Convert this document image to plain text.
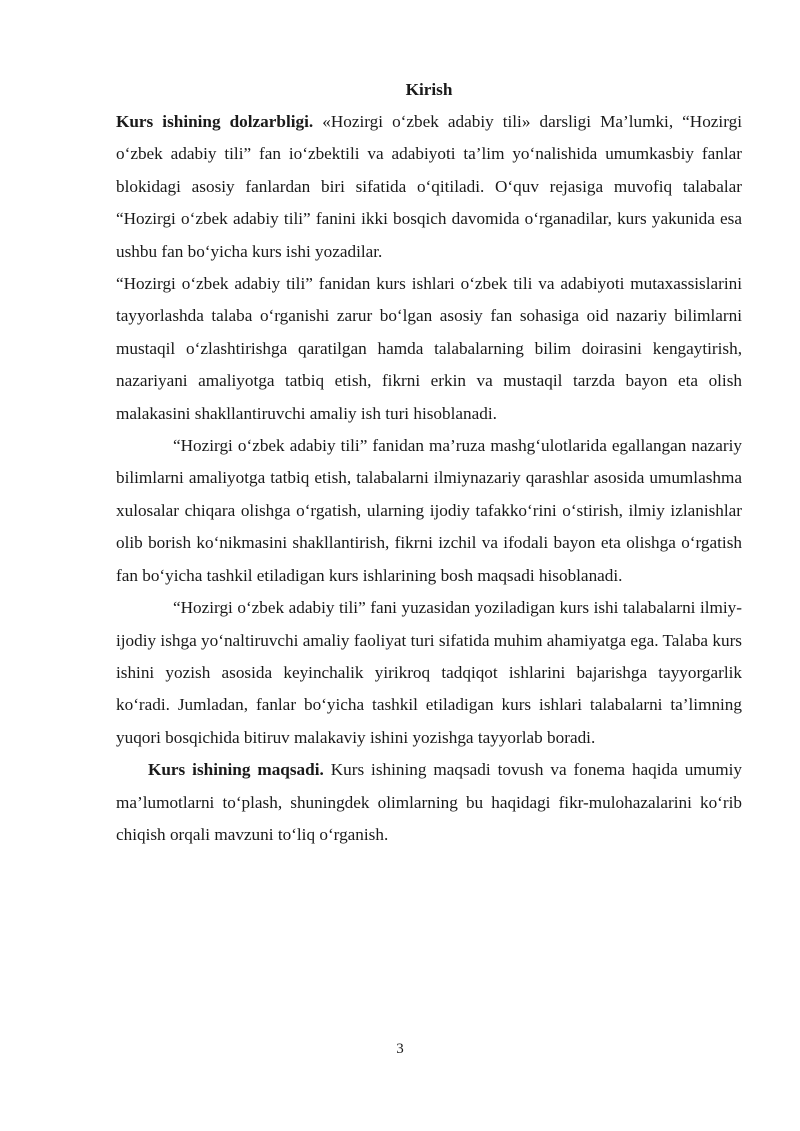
Kirish

Kurs ishining dolzarbligi. «Hozirgi o‘zbek adabiy tili» darsligi Ma’lumki, “Hozirgi o‘zbek adabiy tili” fan io‘zbektili va adabiyoti ta’lim yo‘nalishida umumkasbiy fanlar blokidagi asosiy fanlardan biri sifatida o‘qitiladi. O‘quv rejasiga muvofiq talabalar “Hozirgi o‘zbek adabiy tili” fanini ikki bosqich davomida o‘rganadilar, kurs yakunida esa ushbu fan bo‘yicha kurs ishi yozadilar.

“Hozirgi o‘zbek adabiy tili” fanidan kurs ishlari o‘zbek tili va adabiyoti mutaxassislarini tayyorlashda talaba o‘rganishi zarur bo‘lgan asosiy fan sohasiga oid nazariy bilimlarni mustaqil o‘zlashtirishga qaratilgan hamda talabalarning bilim doirasini kengaytirish, nazariyani amaliyotga tatbiq etish, fikrni erkin va mustaqil tarzda bayon eta olish malakasini shakllantiruvchi amaliy ish turi hisoblanadi.

“Hozirgi o‘zbek adabiy tili” fanidan ma’ruza mashg‘ulotlarida egallangan nazariy bilimlarni amaliyotga tatbiq etish, talabalarni ilmiynazariy qarashlar asosida umumlashma xulosalar chiqara olishga o‘rgatish, ularning ijodiy tafakko‘rini o‘stirish, ilmiy izlanishlar olib borish ko‘nikmasini shakllantirish, fikrni izchil va ifodali bayon eta olishga o‘rgatish fan bo‘yicha tashkil etiladigan kurs ishlarining bosh maqsadi hisoblanadi.

“Hozirgi o‘zbek adabiy tili” fani yuzasidan yoziladigan kurs ishi talabalarni ilmiy-ijodiy ishga yo‘naltiruvchi amaliy faoliyat turi sifatida muhim ahamiyatga ega. Talaba kurs ishini yozish asosida keyinchalik yirikroq tadqiqot ishlarini bajarishga tayyorgarlik ko‘radi. Jumladan, fanlar bo‘yicha tashkil etiladigan kurs ishlari talabalarni ta’limning yuqori bosqichida bitiruv malakaviy ishini yozishga tayyorlab boradi.

Kurs ishining maqsadi. Kurs ishining maqsadi tovush va fonema haqida umumiy ma’lumotlarni to‘plash, shuningdek olimlarning bu haqidagi fikr-mulohazalarini ko‘rib chiqish orqali mavzuni to‘liq o‘rganish.

3
